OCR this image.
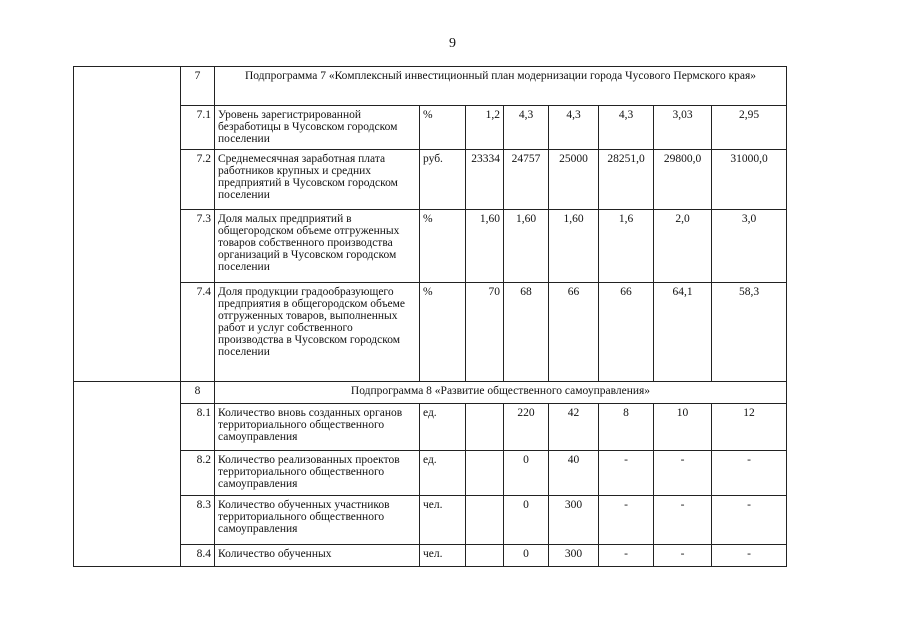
9
	7	Подпрограмма 7 «Комплексный инвестиционный план модернизации города Чусового Пермского края»							
	7.1	Уровень зарегистрированной безработицы в Чусовском городском поселении	%	1,2	4,3	4,3	4,3	3,03	2,95
	7.2	Среднемесячная заработная плата работников крупных и средних предприятий в Чусовском городском поселении	руб.	23334	24757	25000	28251,0	29800,0	31000,0
	7.3	Доля малых предприятий в общегородском объеме отгруженных товаров собственного производства организаций в Чусовском городском поселении	%	1,60	1,60	1,60	1,6	2,0	3,0
	7.4	Доля продукции градообразующего предприятия в общегородском объеме отгруженных товаров, выполненных работ и услуг собственного производства в Чусовском городском поселении	%	70	68	66	66	64,1	58,3
	8	Подпрограмма 8 «Развитие общественного самоуправления»							
	8.1	Количество вновь созданных органов территориального общественного самоуправления	ед.		220	42	8	10	12
	8.2	Количество реализованных проектов территориального общественного самоуправления	ед.		0	40	-	-	-
	8.3	Количество обученных участников территориального общественного самоуправления	чел.		0	300	-	-	-
	8.4	Количество обученных	чел.		0	300	-	-	-
